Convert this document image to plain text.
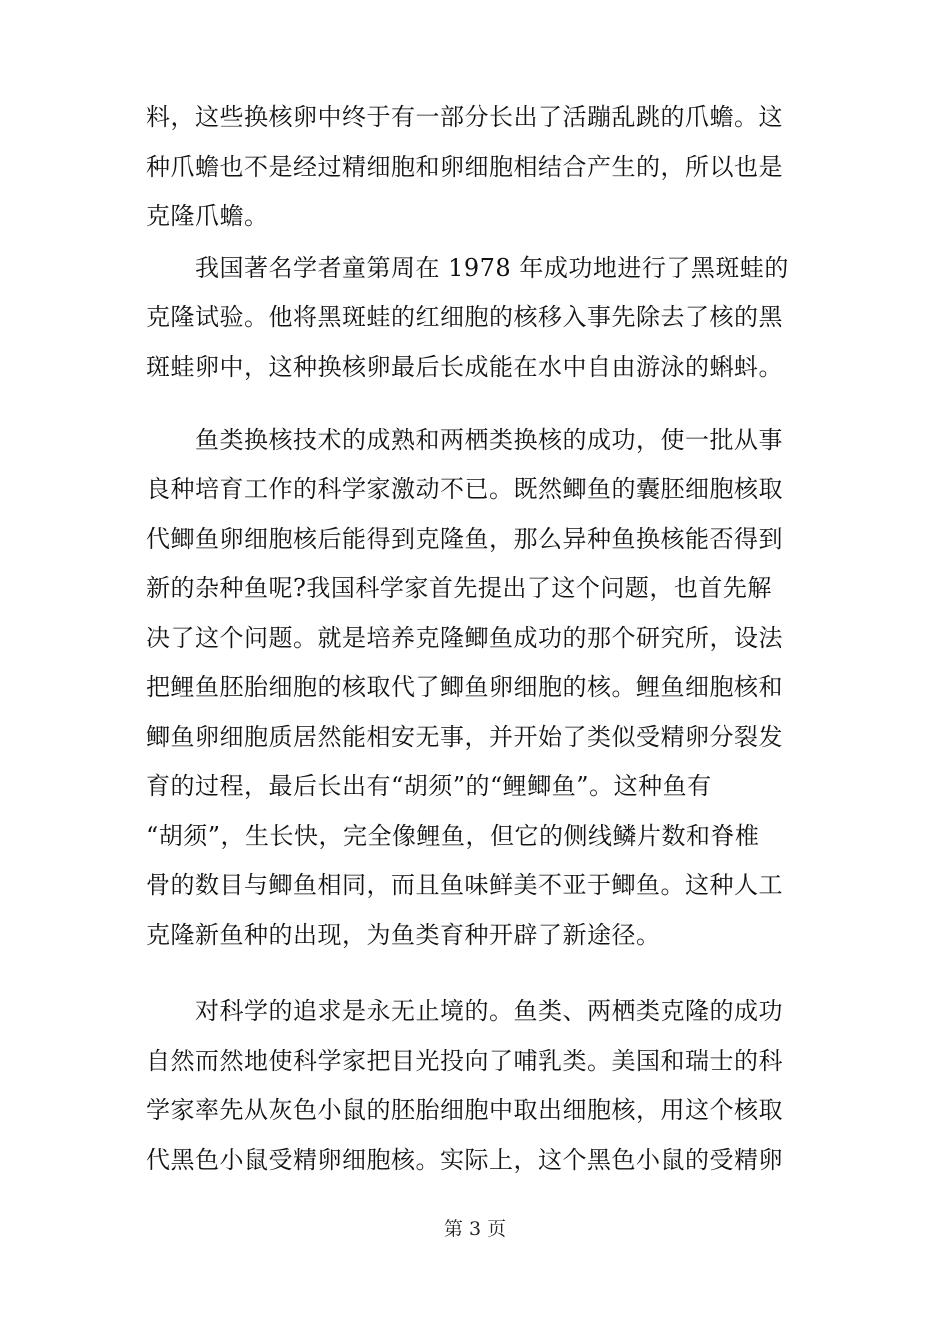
料，这些换核卵中终于有一部分长出了活蹦乱跳的爪蟾。这
种爪蟾也不是经过精细胞和卵细胞相结合产生的，所以也是
克隆爪蟾。
我国著名学者童第周在 1978 年成功地进行了黑斑蛙的
克隆试验。他将黑斑蛙的红细胞的核移入事先除去了核的黑
斑蛙卵中，这种换核卵最后长成能在水中自由游泳的蝌蚪。
鱼类换核技术的成熟和两栖类换核的成功，使一批从事
良种培育工作的科学家激动不已。既然鲫鱼的囊胚细胞核取
代鲫鱼卵细胞核后能得到克隆鱼，那么异种鱼换核能否得到
新的杂种鱼呢?我国科学家首先提出了这个问题，也首先解
决了这个问题。就是培养克隆鲫鱼成功的那个研究所，设法
把鲤鱼胚胎细胞的核取代了鲫鱼卵细胞的核。鲤鱼细胞核和
鲫鱼卵细胞质居然能相安无事，并开始了类似受精卵分裂发
育的过程，最后长出有“胡须”的“鲤鲫鱼”。这种鱼有
“胡须”，生长快，完全像鲤鱼，但它的侧线鳞片数和脊椎
骨的数目与鲫鱼相同，而且鱼味鲜美不亚于鲫鱼。这种人工
克隆新鱼种的出现，为鱼类育种开辟了新途径。
对科学的追求是永无止境的。鱼类、两栖类克隆的成功
自然而然地使科学家把目光投向了哺乳类。美国和瑞士的科
学家率先从灰色小鼠的胚胎细胞中取出细胞核，用这个核取
代黑色小鼠受精卵细胞核。实际上，这个黑色小鼠的受精卵
第 3 页
